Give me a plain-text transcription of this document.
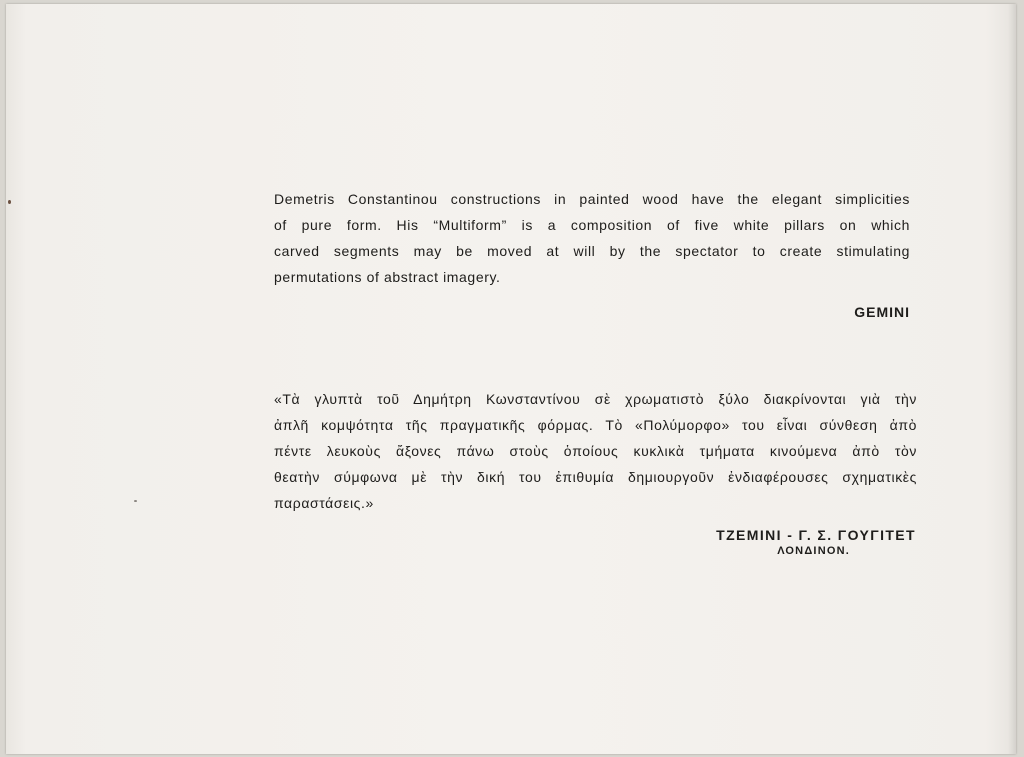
Demetris Constantinou constructions in painted wood have the elegant simplicities
of pure form. His “Multiform” is a composition of five white pillars on which
carved segments may be moved at will by the spectator to create stimulating
permutations of abstract imagery.
GEMINI
«Tὰ γλυπτὰ τοῦ Δημήτρη Κωνσταντίνου σὲ χρωματιστὸ ξύλο διακρίνονται γιὰ τὴν
ἀπλῆ κομψότητα τῆς πραγματικῆς φόρμας. Τὸ «Πολύμορφο» του εἶναι σύνθεση ἀπὸ
πέντε λευκοὺς ἄξονες πάνω στοὺς ὁποίους κυκλικὰ τμήματα κινούμενα ἀπὸ τὸν
θεατὴν σύμφωνα μὲ τὴν δική του ἐπιθυμία δημιουργοῦν ἐνδιαφέρουσες σχηματικὲς
παραστάσεις.»
ΤΖΕΜΙΝΙ - Γ. Σ. ΓΟΥΓΙΤΕΤ
ΛΟΝΔΙΝΟΝ.
